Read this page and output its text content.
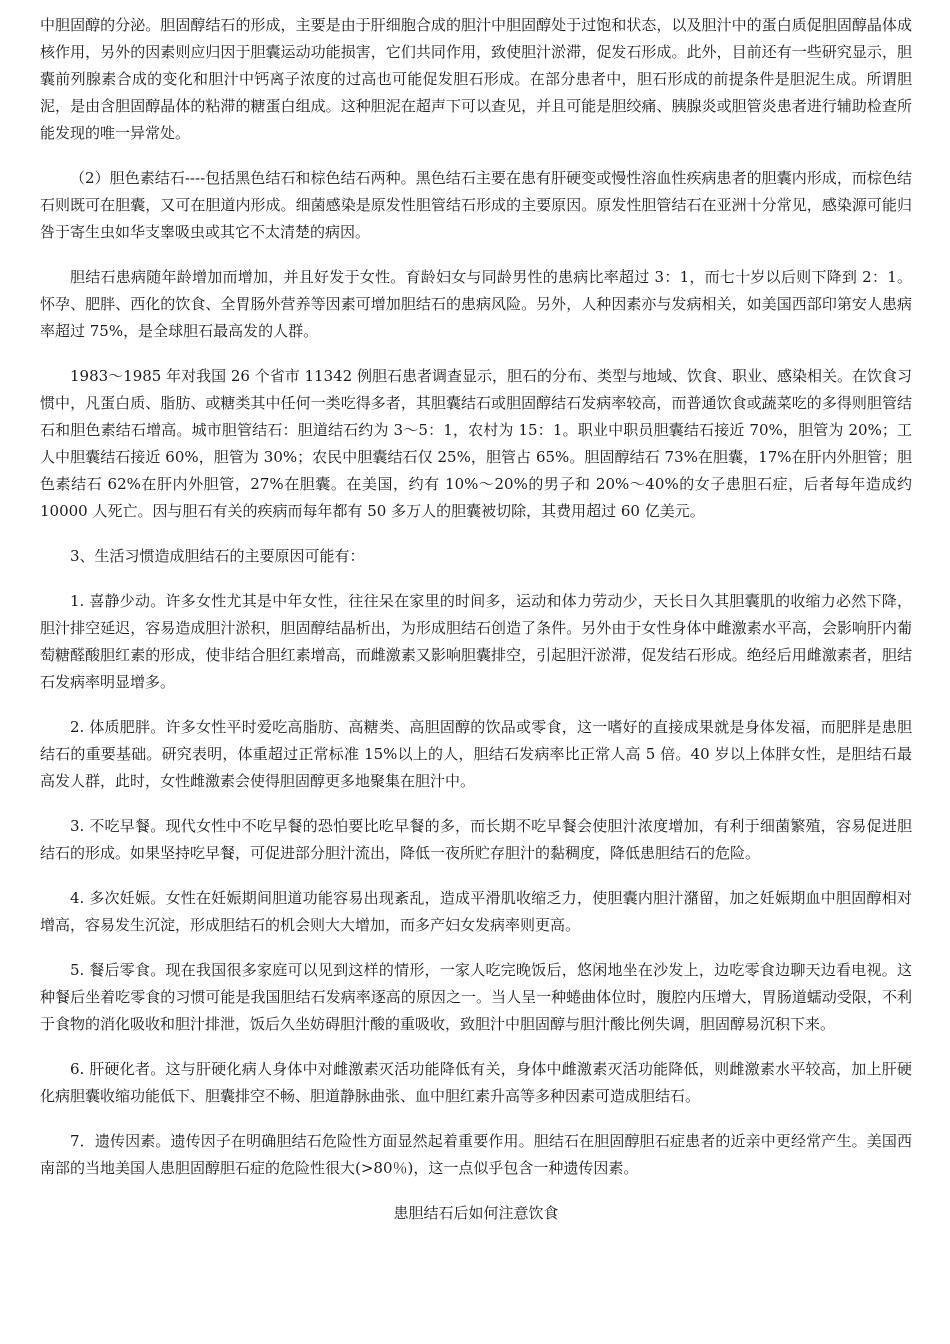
中胆固醇的分泌。胆固醇结石的形成，主要是由于肝细胞合成的胆汁中胆固醇处于过饱和状态，以及胆汁中的蛋白质促胆固醇晶体成核作用，另外的因素则应归因于胆囊运动功能损害，它们共同作用，致使胆汁淤滞，促发石形成。此外，目前还有一些研究显示，胆囊前列腺素合成的变化和胆汁中钙离子浓度的过高也可能促发胆石形成。在部分患者中，胆石形成的前提条件是胆泥生成。所谓胆泥，是由含胆固醇晶体的粘滞的糖蛋白组成。这种胆泥在超声下可以查见，并且可能是胆绞痛、胰腺炎或胆管炎患者进行辅助检查所能发现的唯一异常处。

（2）胆色素结石----包括黑色结石和棕色结石两种。黑色结石主要在患有肝硬变或慢性溶血性疾病患者的胆囊内形成，而棕色结石则既可在胆囊，又可在胆道内形成。细菌感染是原发性胆管结石形成的主要原因。原发性胆管结石在亚洲十分常见，感染源可能归咎于寄生虫如华支睾吸虫或其它不太清楚的病因。

胆结石患病随年龄增加而增加，并且好发于女性。育龄妇女与同龄男性的患病比率超过 3：1，而七十岁以后则下降到 2：1。怀孕、肥胖、西化的饮食、全胃肠外营养等因素可增加胆结石的患病风险。另外，人种因素亦与发病相关，如美国西部印第安人患病率超过 75%，是全球胆石最高发的人群。

1983～1985 年对我国 26 个省市 11342 例胆石患者调查显示，胆石的分布、类型与地域、饮食、职业、感染相关。在饮食习惯中，凡蛋白质、脂肪、或糖类其中任何一类吃得多者，其胆囊结石或胆固醇结石发病率较高，而普通饮食或蔬菜吃的多得则胆管结石和胆色素结石增高。城市胆管结石：胆道结石约为 3～5：1，农村为 15：1。职业中职员胆囊结石接近 70%，胆管为 20%；工人中胆囊结石接近 60%，胆管为 30%；农民中胆囊结石仅 25%，胆管占 65%。胆固醇结石 73%在胆囊，17%在肝内外胆管；胆色素结石 62%在肝内外胆管，27%在胆囊。在美国，约有 10%～20%的男子和 20%～40%的女子患胆石症，后者每年造成约 10000 人死亡。因与胆石有关的疾病而每年都有 50 多万人的胆囊被切除，其费用超过 60 亿美元。

3、生活习惯造成胆结石的主要原因可能有：

1. 喜静少动。许多女性尤其是中年女性，往往呆在家里的时间多，运动和体力劳动少，天长日久其胆囊肌的收缩力必然下降，胆汁排空延迟，容易造成胆汁淤积，胆固醇结晶析出，为形成胆结石创造了条件。另外由于女性身体中雌激素水平高，会影响肝内葡萄糖醛酸胆红素的形成，使非结合胆红素增高，而雌激素又影响胆囊排空，引起胆汗淤滞，促发结石形成。绝经后用雌激素者，胆结石发病率明显增多。

2. 体质肥胖。许多女性平时爱吃高脂肪、高糖类、高胆固醇的饮品或零食，这一嗜好的直接成果就是身体发福，而肥胖是患胆结石的重要基础。研究表明，体重超过正常标准 15%以上的人，胆结石发病率比正常人高 5 倍。40 岁以上体胖女性，是胆结石最高发人群，此时，女性雌激素会使得胆固醇更多地聚集在胆汁中。

3. 不吃早餐。现代女性中不吃早餐的恐怕要比吃早餐的多，而长期不吃早餐会使胆汁浓度增加，有利于细菌繁殖，容易促进胆结石的形成。如果坚持吃早餐，可促进部分胆汁流出，降低一夜所贮存胆汁的黏稠度，降低患胆结石的危险。

4. 多次妊娠。女性在妊娠期间胆道功能容易出现紊乱，造成平滑肌收缩乏力，使胆囊内胆汁潴留，加之妊娠期血中胆固醇相对增高，容易发生沉淀，形成胆结石的机会则大大增加，而多产妇女发病率则更高。

5. 餐后零食。现在我国很多家庭可以见到这样的情形，一家人吃完晚饭后，悠闲地坐在沙发上，边吃零食边聊天边看电视。这种餐后坐着吃零食的习惯可能是我国胆结石发病率逐高的原因之一。当人呈一种蜷曲体位时，腹腔内压增大，胃肠道蠕动受限，不利于食物的消化吸收和胆汁排泄，饭后久坐妨碍胆汁酸的重吸收，致胆汁中胆固醇与胆汁酸比例失调，胆固醇易沉积下来。

6. 肝硬化者。这与肝硬化病人身体中对雌激素灭活功能降低有关，身体中雌激素灭活功能降低，则雌激素水平较高，加上肝硬化病胆囊收缩功能低下、胆囊排空不畅、胆道静脉曲张、血中胆红素升高等多种因素可造成胆结石。

7．遗传因素。遗传因子在明确胆结石危险性方面显然起着重要作用。胆结石在胆固醇胆石症患者的近亲中更经常产生。美国西南部的当地美国人患胆固醇胆石症的危险性很大(>80％)，这一点似乎包含一种遗传因素。

患胆结石后如何注意饮食
